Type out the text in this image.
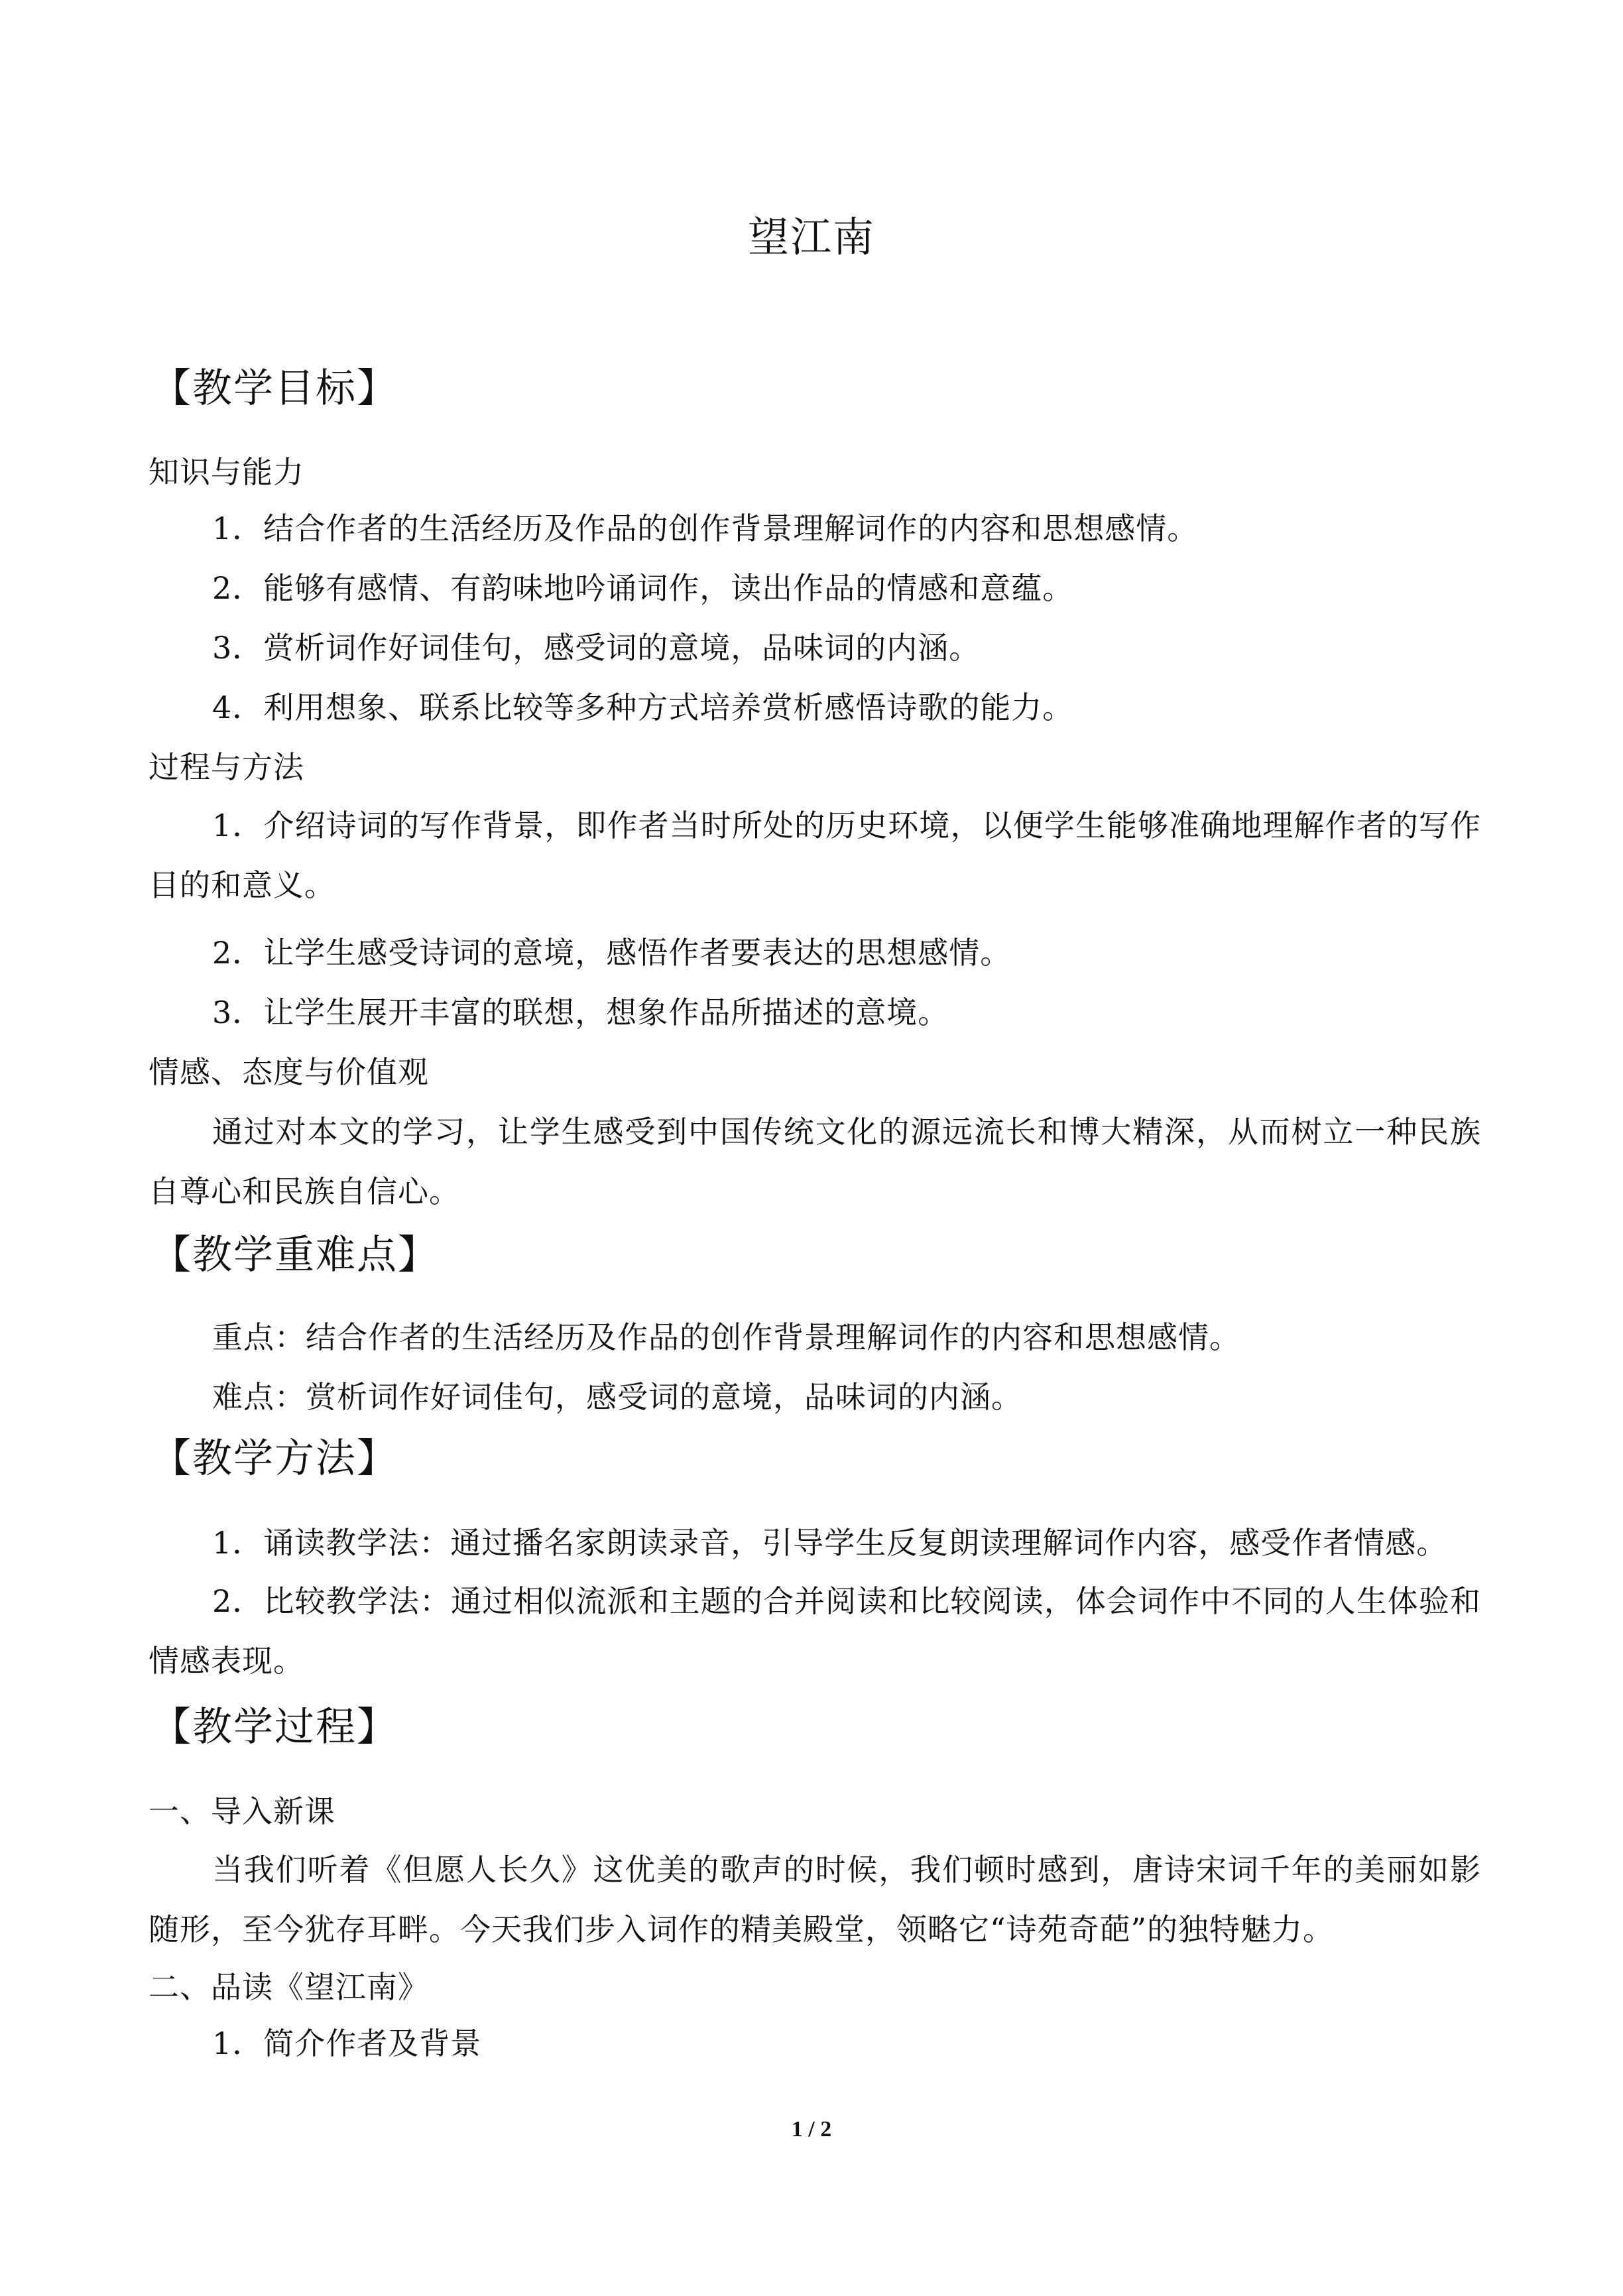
望江南
【教学目标】
知识与能力
1．结合作者的生活经历及作品的创作背景理解词作的内容和思想感情。
2．能够有感情、有韵味地吟诵词作，读出作品的情感和意蕴。
3．赏析词作好词佳句，感受词的意境，品味词的内涵。
4．利用想象、联系比较等多种方式培养赏析感悟诗歌的能力。
过程与方法
1．介绍诗词的写作背景，即作者当时所处的历史环境，以便学生能够准确地理解作者的写作目的和意义。
2．让学生感受诗词的意境，感悟作者要表达的思想感情。
3．让学生展开丰富的联想，想象作品所描述的意境。
情感、态度与价值观
通过对本文的学习，让学生感受到中国传统文化的源远流长和博大精深，从而树立一种民族自尊心和民族自信心。
【教学重难点】
重点：结合作者的生活经历及作品的创作背景理解词作的内容和思想感情。
难点：赏析词作好词佳句，感受词的意境，品味词的内涵。
【教学方法】
1．诵读教学法：通过播名家朗读录音，引导学生反复朗读理解词作内容，感受作者情感。
2．比较教学法：通过相似流派和主题的合并阅读和比较阅读，体会词作中不同的人生体验和情感表现。
【教学过程】
一、导入新课
当我们听着《但愿人长久》这优美的歌声的时候，我们顿时感到，唐诗宋词千年的美丽如影随形，至今犹存耳畔。今天我们步入词作的精美殿堂，领略它“诗苑奇葩”的独特魅力。
二、品读《望江南》
1．简介作者及背景
1 / 2
